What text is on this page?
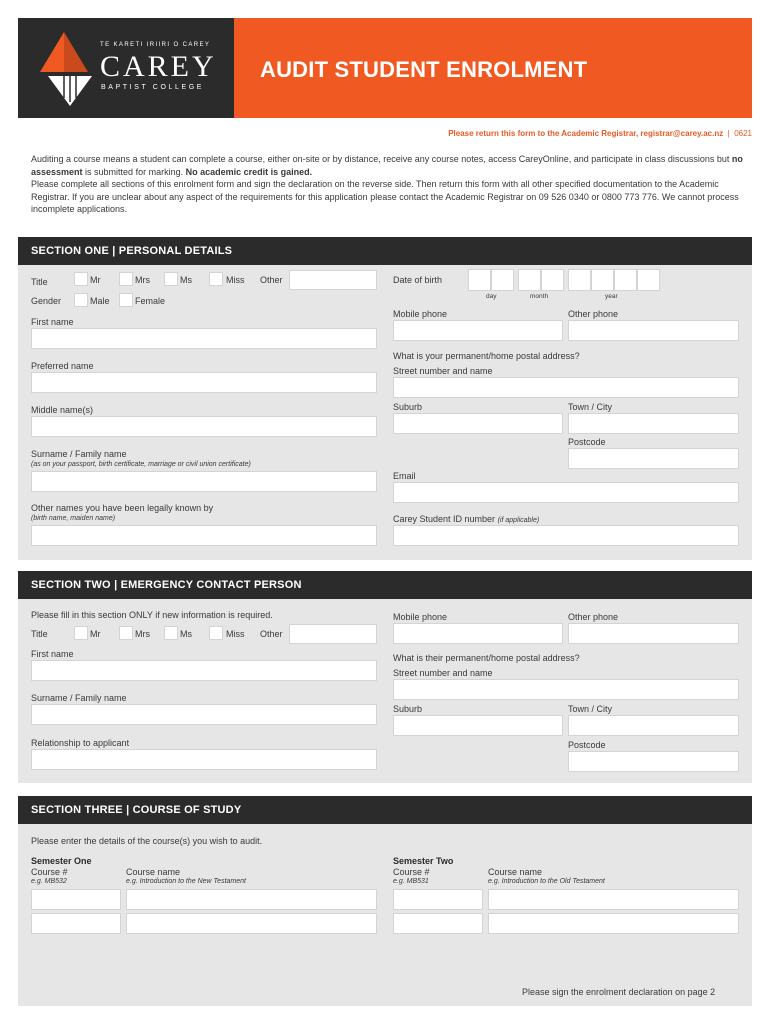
TE KARETI IRIIRI O CAREY
CAREY
BAPTIST COLLEGE
AUDIT STUDENT ENROLMENT
Please return this form to the Academic Registrar, registrar@carey.ac.nz | 0621

Auditing a course means a student can complete a course, either on-site or by distance, receive any course notes, access CareyOnline, and participate in class discussions but no assessment is submitted for marking. No academic credit is gained.

Please complete all sections of this enrolment form and sign the declaration on the reverse side. Then return this form with all other specified documentation to the Academic Registrar. If you are unclear about any aspect of the requirements for this application please contact the Academic Registrar on 09 526 0340 or 0800 773 776. We cannot process incomplete applications.

SECTION ONE | PERSONAL DETAILS
Title	Mr	Mrs	Ms	Miss Other
Gender	Male	Female
First name
Preferred name
Middle name(s)
Surname / Family name
(as on your passport, birth certificate, marriage or civil union certificate)
Other names you have been legally known by
(birth name, maiden name)
Date of birth
day	month	year
Mobile phone	Other phone
What is your permanent/home postal address?
Street number and name
Suburb	Town / City
Postcode
Email
Carey Student ID number (if applicable)
SECTION TWO | EMERGENCY CONTACT PERSON
Please fill in this section ONLY if new information is required.
Title	Mr	Mrs	Ms	Miss Other
First name
Surname / Family name
Relationship to applicant
Mobile phone	Other phone
What is their permanent/home postal address?
Street number and name
Suburb	Town / City
Postcode
SECTION THREE | COURSE OF STUDY
Please enter the details of the course(s) you wish to audit.
Semester One
Course #
e.g. MB532
Course name
e.g. Introduction to the New Testament
Semester Two
Course #
e.g. MB531
Course name
e.g. Introduction to the Old Testament
Please sign the enrolment declaration on page 2
